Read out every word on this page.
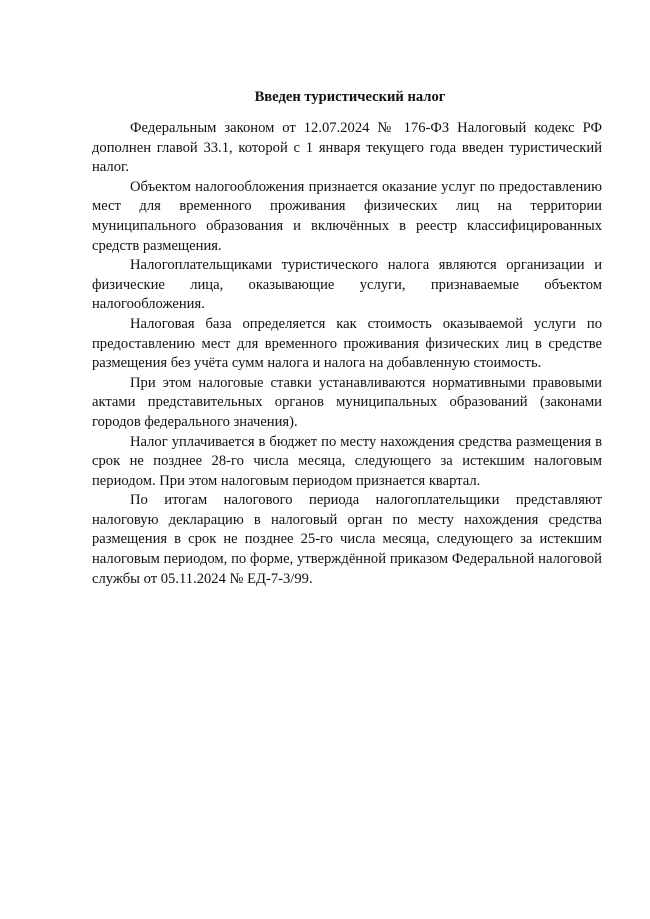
Введен туристический налог

Федеральным законом от 12.07.2024 № 176-ФЗ Налоговый кодекс РФ дополнен главой 33.1, которой с 1 января текущего года введен туристический налог.

Объектом налогообложения признается оказание услуг по предоставлению мест для временного проживания физических лиц на территории муниципального образования и включённых в реестр классифицированных средств размещения.

Налогоплательщиками туристического налога являются организации и физические лица, оказывающие услуги, признаваемые объектом налогообложения.

Налоговая база определяется как стоимость оказываемой услуги по предоставлению мест для временного проживания физических лиц в средстве размещения без учёта сумм налога и налога на добавленную стоимость.

При этом налоговые ставки устанавливаются нормативными правовыми актами представительных органов муниципальных образований (законами городов федерального значения).

Налог уплачивается в бюджет по месту нахождения средства размещения в срок не позднее 28-го числа месяца, следующего за истекшим налоговым периодом. При этом налоговым периодом признается квартал.

По итогам налогового периода налогоплательщики представляют налоговую декларацию в налоговый орган по месту нахождения средства размещения в срок не позднее 25-го числа месяца, следующего за истекшим налоговым периодом, по форме, утверждённой приказом Федеральной налоговой службы от 05.11.2024 № ЕД-7-3/99.
